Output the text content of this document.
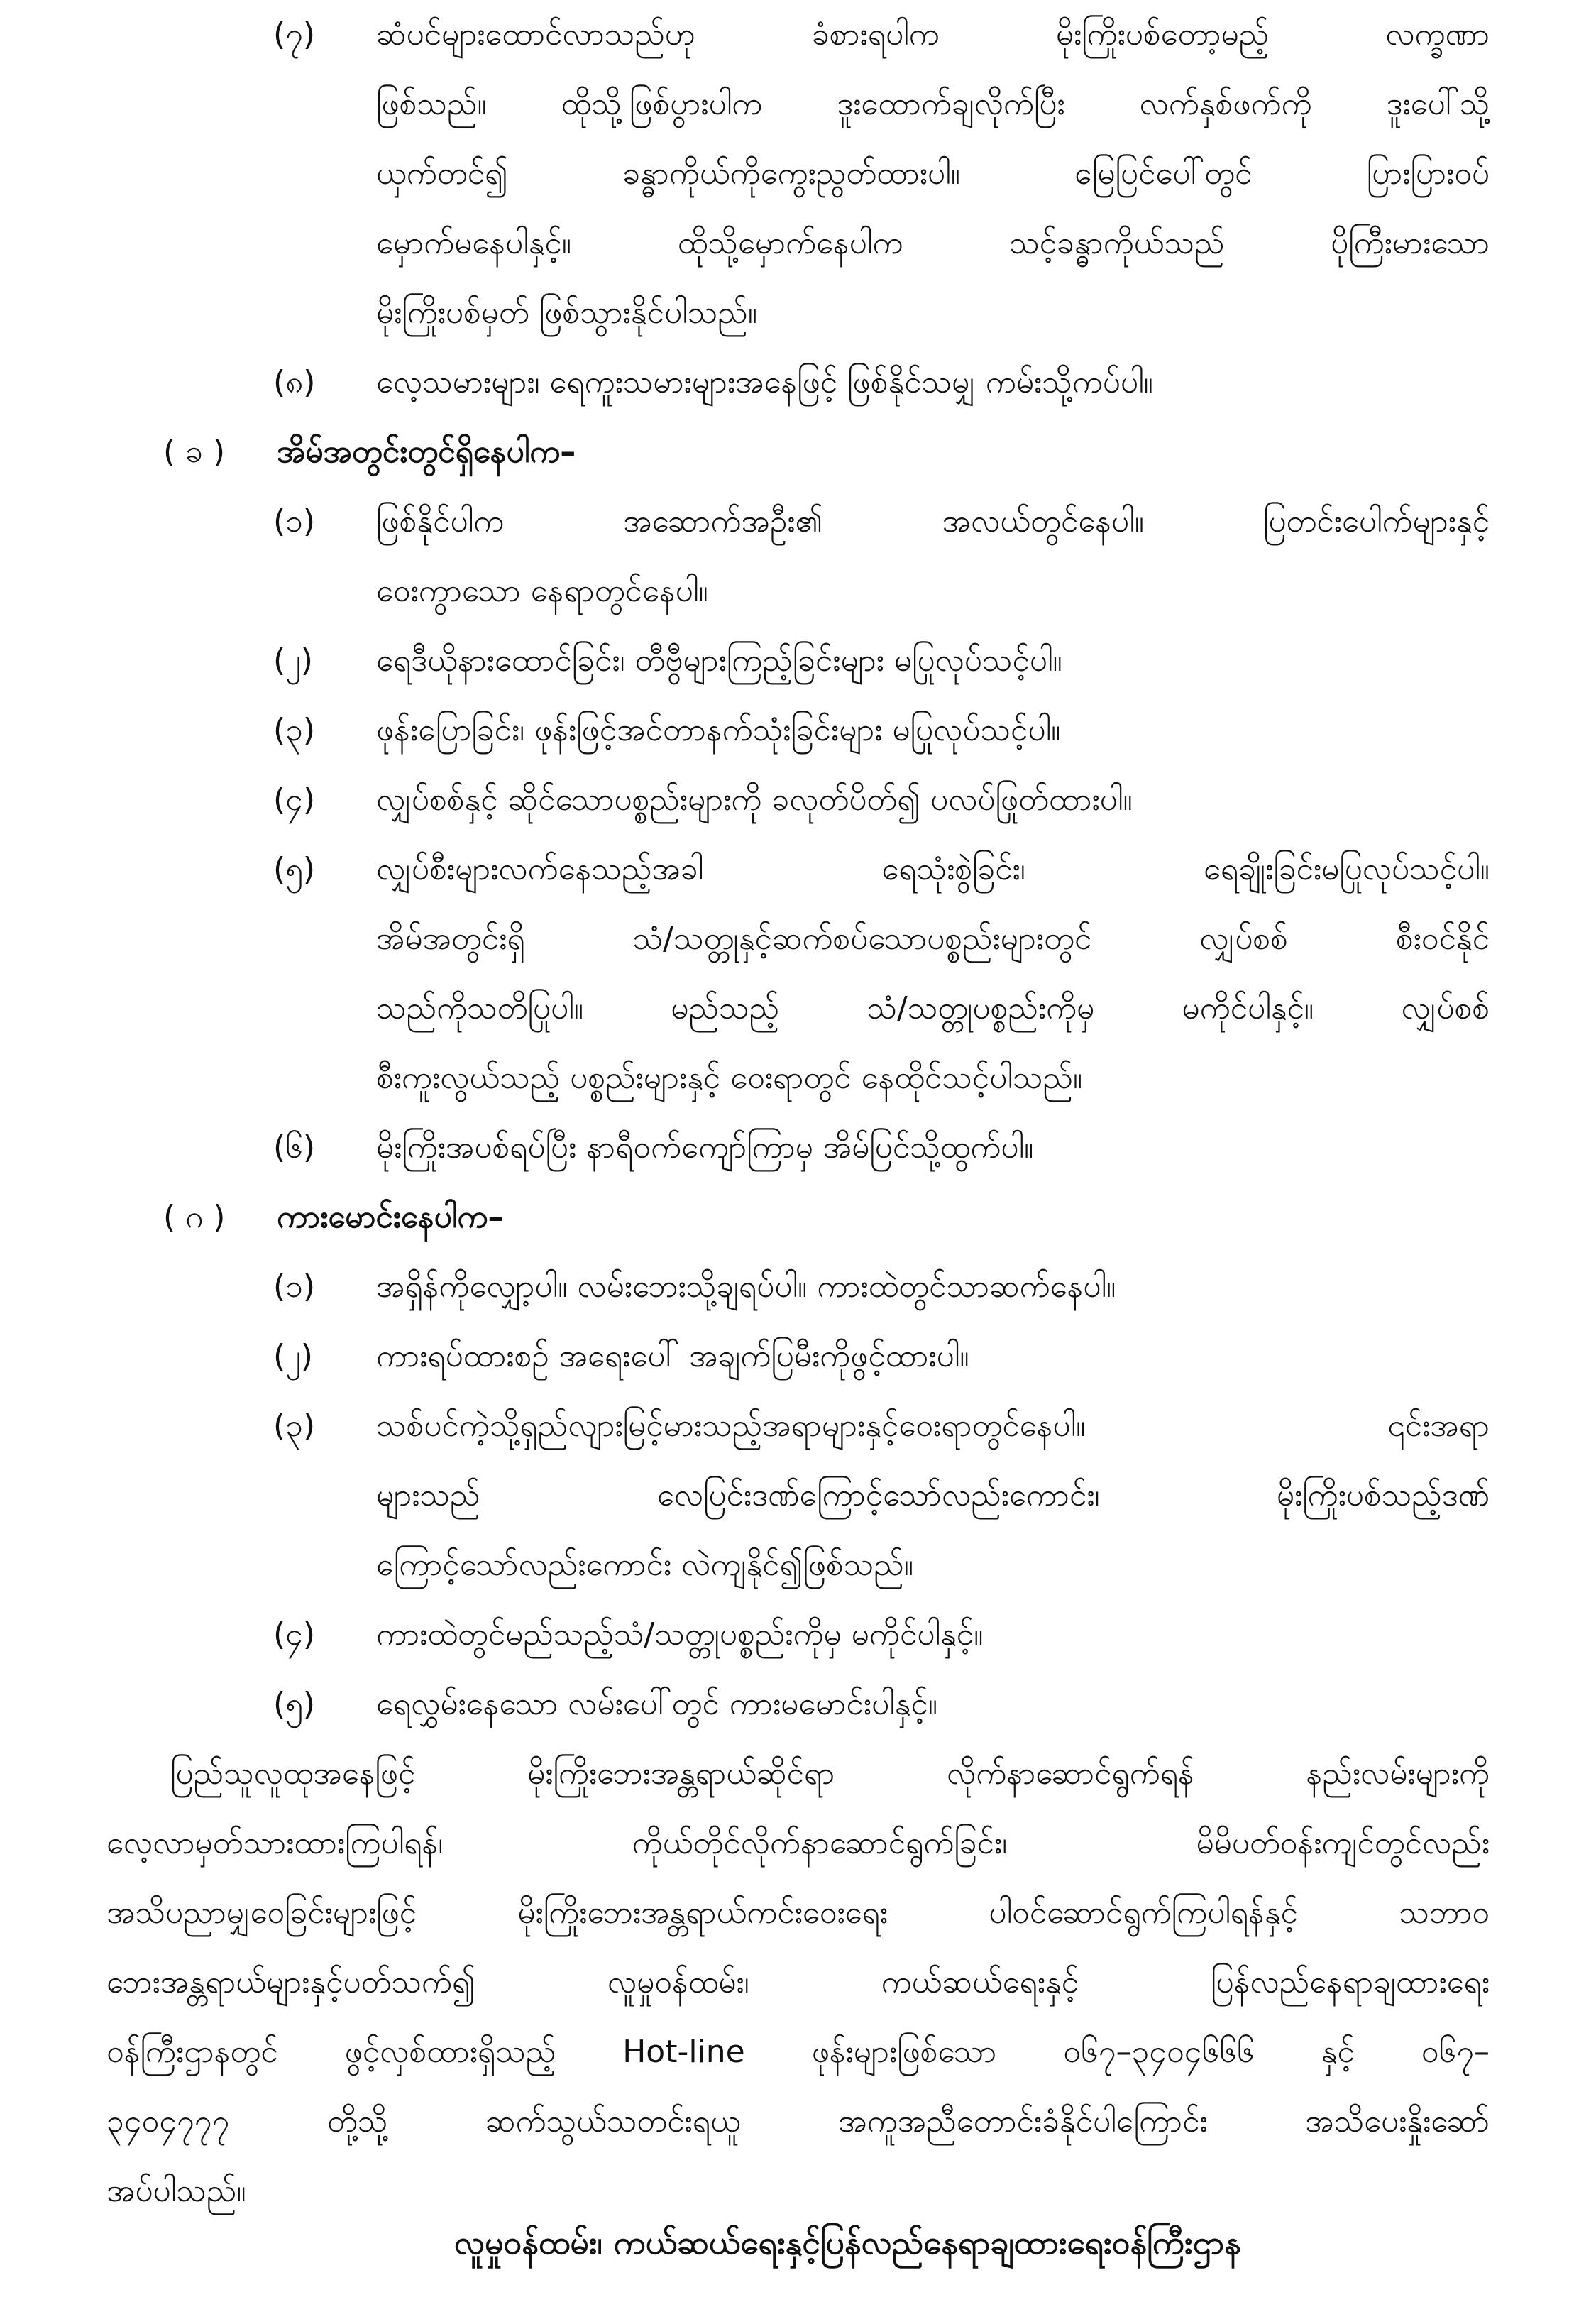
(၇) ဆံပင်များထောင်လာသည်ဟု ခံစားရပါက မိုးကြိုးပစ်တော့မည့် လက္ခဏာ
ဖြစ်သည်။ ထိုသို့ဖြစ်ပွားပါက ဒူးထောက်ချလိုက်ပြီး လက်နှစ်ဖက်ကို ဒူးပေါ်သို့
ယှက်တင်၍ ခန္ဓာကိုယ်ကိုကွေးညွတ်ထားပါ။ မြေပြင်ပေါ်တွင် ပြားပြားဝပ်
မှောက်မနေပါနှင့်။ ထိုသို့မှောက်နေပါက သင့်ခန္ဓာကိုယ်သည် ပိုကြီးမားသော
မိုးကြိုးပစ်မှတ် ဖြစ်သွားနိုင်ပါသည်။
(၈) လေ့သမားများ၊ ရေကူးသမားများအနေဖြင့် ဖြစ်နိုင်သမျှ ကမ်းသို့ကပ်ပါ။
( ခ ) အိမ်အတွင်းတွင်ရှိနေပါက–
(၁) ဖြစ်နိုင်ပါက အဆောက်အဦး၏ အလယ်တွင်နေပါ။ ပြတင်းပေါက်များနှင့်
ဝေးကွာသော နေရာတွင်နေပါ။
(၂) ရေဒီယိုနားထောင်ခြင်း၊ တီဗွီများကြည့်ခြင်းများ မပြုလုပ်သင့်ပါ။
(၃) ဖုန်းပြောခြင်း၊ ဖုန်းဖြင့်အင်တာနက်သုံးခြင်းများ မပြုလုပ်သင့်ပါ။
(၄) လျှပ်စစ်နှင့် ဆိုင်သောပစ္စည်းများကို ခလုတ်ပိတ်၍ ပလပ်ဖြုတ်ထားပါ။
(၅) လျှပ်စီးများလက်နေသည့်အခါ ရေသုံးစွဲခြင်း၊ ရေချိုးခြင်းမပြုလုပ်သင့်ပါ။
အိမ်အတွင်းရှိ သံ/သတ္တုနှင့်ဆက်စပ်သောပစ္စည်းများတွင် လျှပ်စစ် စီးဝင်နိုင်
သည်ကိုသတိပြုပါ။ မည်သည့် သံ/သတ္တုပစ္စည်းကိုမှ မကိုင်ပါနှင့်။ လျှပ်စစ်
စီးကူးလွယ်သည့် ပစ္စည်းများနှင့် ဝေးရာတွင် နေထိုင်သင့်ပါသည်။
(၆) မိုးကြိုးအပစ်ရပ်ပြီး နာရီဝက်ကျော်ကြာမှ အိမ်ပြင်သို့ထွက်ပါ။
( ဂ ) ကားမောင်းနေပါက–
(၁) အရှိန်ကိုလျှော့ပါ။ လမ်းဘေးသို့ချရပ်ပါ။ ကားထဲတွင်သာဆက်နေပါ။
(၂) ကားရပ်ထားစဉ် အရေးပေါ် အချက်ပြမီးကိုဖွင့်ထားပါ။
(၃) သစ်ပင်ကဲ့သို့ရှည်လျားမြင့်မားသည့်အရာများနှင့်ဝေးရာတွင်နေပါ။ ၎င်းအရာ
များသည် လေပြင်းဒဏ်ကြောင့်သော်လည်းကောင်း၊ မိုးကြိုးပစ်သည့်ဒဏ်
ကြောင့်သော်လည်းကောင်း လဲကျနိုင်၍ဖြစ်သည်။
(၄) ကားထဲတွင်မည်သည့်သံ/သတ္တုပစ္စည်းကိုမှ မကိုင်ပါနှင့်။
(၅) ရေလွှမ်းနေသော လမ်းပေါ်တွင် ကားမမောင်းပါနှင့်။
ပြည်သူလူထုအနေဖြင့် မိုးကြိုးဘေးအန္တရာယ်ဆိုင်ရာ လိုက်နာဆောင်ရွက်ရန် နည်းလမ်းများကို
လေ့လာမှတ်သားထားကြပါရန်၊ ကိုယ်တိုင်လိုက်နာဆောင်ရွက်ခြင်း၊ မိမိပတ်ဝန်းကျင်တွင်လည်း
အသိပညာမျှဝေခြင်းများဖြင့် မိုးကြိုးဘေးအန္တရာယ်ကင်းဝေးရေး ပါဝင်ဆောင်ရွက်ကြပါရန်နှင့် သဘာဝ
ဘေးအန္တရာယ်များနှင့်ပတ်သက်၍ လူမှုဝန်ထမ်း၊ ကယ်ဆယ်ရေးနှင့် ပြန်လည်နေရာချထားရေး
ဝန်ကြီးဌာနတွင် ဖွင့်လှစ်ထားရှိသည့် Hot-line ဖုန်းများဖြစ်သော ၀၆၇–၃၄၀၄၆၆၆ နှင့် ၀၆၇–
၃၄၀၄၇၇၇ တို့သို့ ဆက်သွယ်သတင်းရယူ အကူအညီတောင်းခံနိုင်ပါကြောင်း အသိပေးနှိုးဆော်
အပ်ပါသည်။
လူမှုဝန်ထမ်း၊ ကယ်ဆယ်ရေးနှင့်ပြန်လည်နေရာချထားရေးဝန်ကြီးဌာန
